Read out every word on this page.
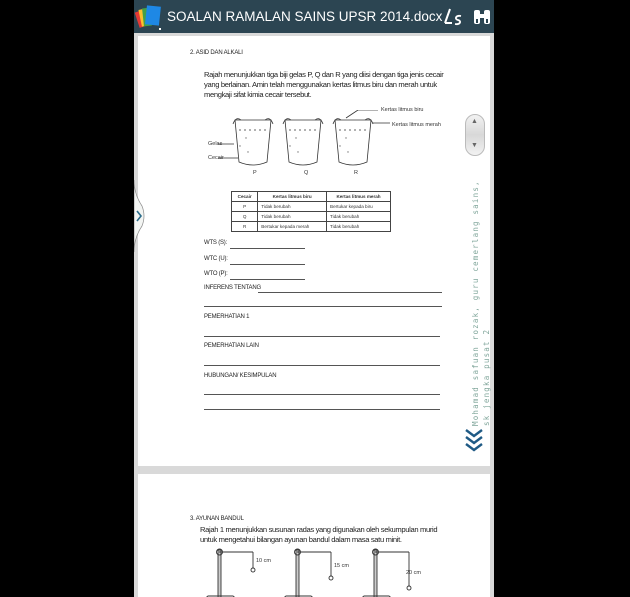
SOALAN RAMALAN SAINS UPSR 2014.docx
2. ASID DAN ALKALI
Rajah menunjukkan tiga biji gelas P, Q dan R yang diisi dengan tiga jenis cecair
yang berlainan. Amin telah menggunakan kertas litmus biru dan merah untuk
mengkaji sifat kimia cecair tersebut.
Gelas
Cecair
Kertas litmus biru
Kertas litmus merah
P	Q	R
Cecair	Kertas litmus biru	Kertas litmus merah
P	Tidak berubah	Bertukar kepada biru
Q	Tidak berubah	Tidak berubah
R	Bertukar kepada merah	Tidak berubah
WTS (S):
WTC (U):
WTO (P):
INFERENS TENTANG
PEMERHATIAN 1
PEMERHATIAN LAIN
HUBUNGAN/ KESIMPULAN
3. AYUNAN BANDUL
Rajah 1 menunjukkan susunan radas yang digunakan oleh sekumpulan murid
untuk mengetahui bilangan ayunan bandul dalam masa satu minit.
10 cm
15 cm
20 cm
▲
▼
Mohamad safuan rozak, guru cemerlang sains, sk jengka pusat 2
